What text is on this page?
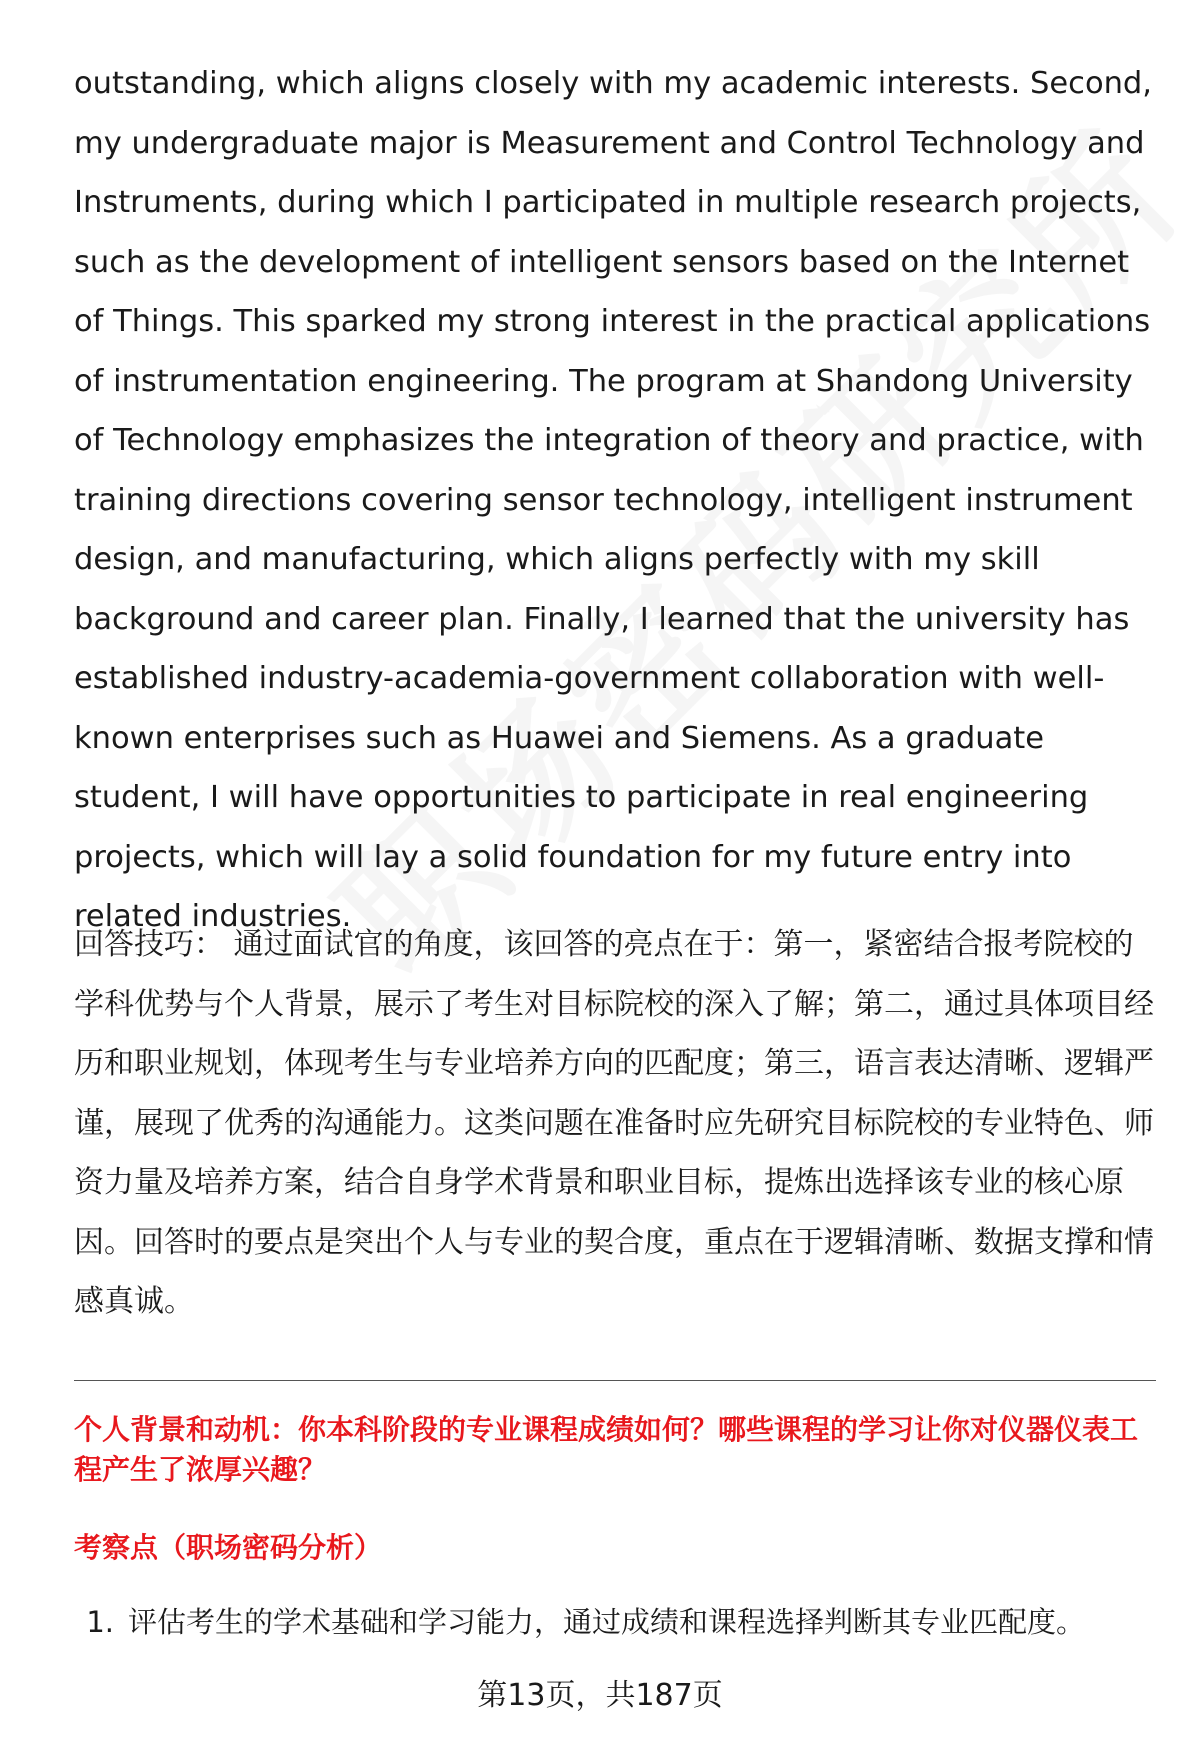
outstanding, which aligns closely with my academic interests. Second, my undergraduate major is Measurement and Control Technology and Instruments, during which I participated in multiple research projects, such as the development of intelligent sensors based on the Internet of Things. This sparked my strong interest in the practical applications of instrumentation engineering. The program at Shandong University of Technology emphasizes the integration of theory and practice, with training directions covering sensor technology, intelligent instrument design, and manufacturing, which aligns perfectly with my skill background and career plan. Finally, I learned that the university has established industry-academia-government collaboration with well-known enterprises such as Huawei and Siemens. As a graduate student, I will have opportunities to participate in real engineering projects, which will lay a solid foundation for my future entry into related industries.

回答技巧： 通过面试官的角度，该回答的亮点在于：第一，紧密结合报考院校的学科优势与个人背景，展示了考生对目标院校的深入了解；第二，通过具体项目经历和职业规划，体现考生与专业培养方向的匹配度；第三，语言表达清晰、逻辑严谨，展现了优秀的沟通能力。这类问题在准备时应先研究目标院校的专业特色、师资力量及培养方案，结合自身学术背景和职业目标，提炼出选择该专业的核心原因。回答时的要点是突出个人与专业的契合度，重点在于逻辑清晰、数据支撑和情感真诚。

个人背景和动机：你本科阶段的专业课程成绩如何？哪些课程的学习让你对仪器仪表工程产生了浓厚兴趣？
考察点（职场密码分析）
1. 评估考生的学术基础和学习能力，通过成绩和课程选择判断其专业匹配度。
第13页，共187页
